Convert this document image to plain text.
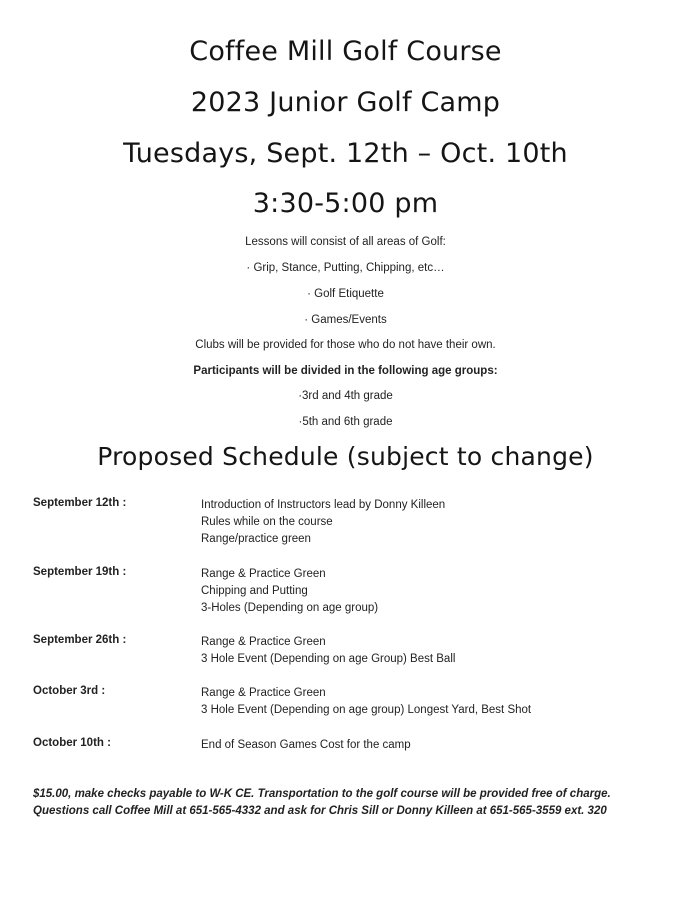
Coffee Mill Golf Course
2023 Junior Golf Camp
Tuesdays, Sept. 12th – Oct. 10th
3:30-5:00 pm
Lessons will consist of all areas of Golf:
· Grip, Stance, Putting, Chipping, etc…
· Golf Etiquette
· Games/Events
Clubs will be provided for those who do not have their own.
Participants will be divided in the following age groups:
·3rd and 4th grade
·5th and 6th grade
Proposed Schedule (subject to change)
September 12th :	Introduction of Instructors lead by Donny Killeen
Rules while on the course
Range/practice green
September 19th :	Range & Practice Green
Chipping and Putting
3-Holes (Depending on age group)
September 26th :	Range & Practice Green
3 Hole Event (Depending on age Group) Best Ball
October 3rd :	Range & Practice Green
3 Hole Event (Depending on age group) Longest Yard, Best Shot
October 10th :	End of Season Games Cost for the camp
$15.00, make checks payable to W-K CE. Transportation to the golf course will be provided free of charge.
Questions call Coffee Mill at 651-565-4332 and ask for Chris Sill or Donny Killeen at 651-565-3559 ext. 320
